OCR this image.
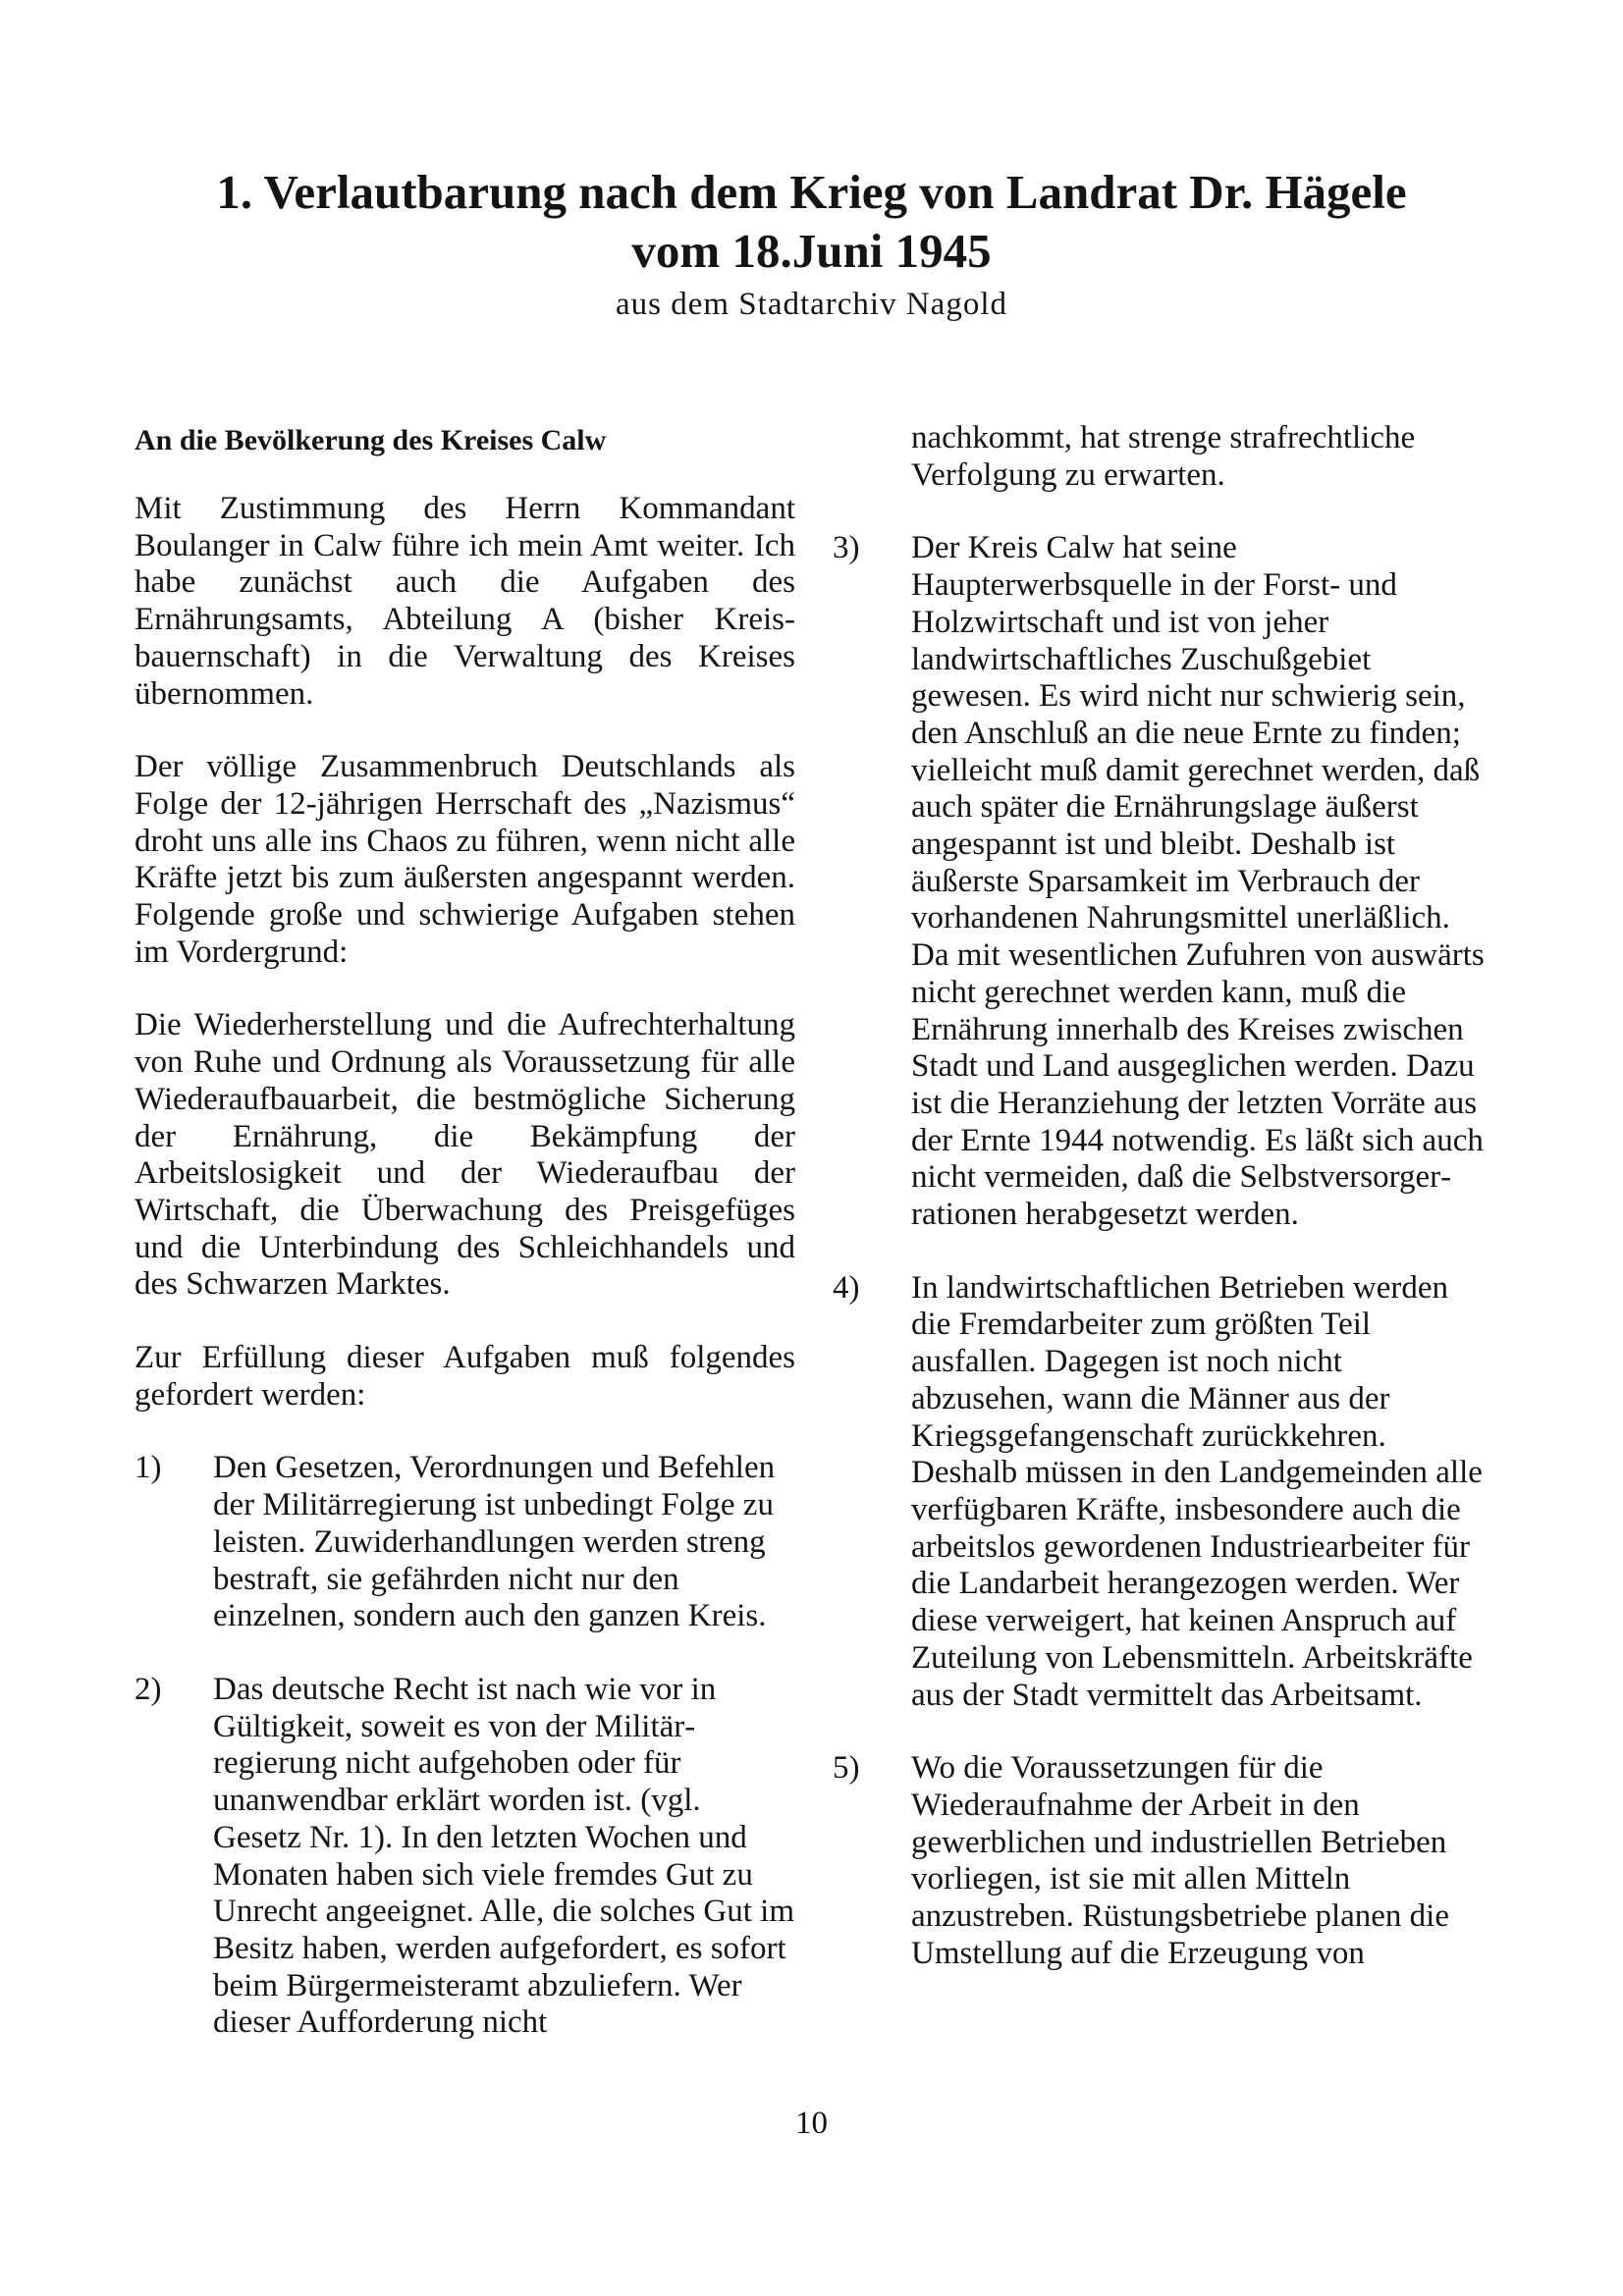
1. Verlautbarung nach dem Krieg von Landrat Dr. Hägele
vom 18.Juni 1945
aus dem Stadtarchiv Nagold
An die Bevölkerung des Kreises Calw

Mit Zustimmung des Herrn Kommandant Boulanger in Calw führe ich mein Amt weiter. Ich habe zunächst auch die Aufgaben des Ernährungsamts, Abteilung A (bisher Kreisbauernschaft) in die Verwaltung des Kreises übernommen.

Der völlige Zusammenbruch Deutschlands als Folge der 12-jährigen Herrschaft des „Nazismus“ droht uns alle ins Chaos zu führen, wenn nicht alle Kräfte jetzt bis zum äußersten angespannt werden. Folgende große und schwierige Aufgaben stehen im Vordergrund:

Die Wiederherstellung und die Aufrechterhaltung von Ruhe und Ordnung als Voraussetzung für alle Wiederaufbauarbeit, die bestmögliche Sicherung der Ernährung, die Bekämpfung der Arbeitslosigkeit und der Wiederaufbau der Wirtschaft, die Überwachung des Preisgefüges und die Unterbindung des Schleichhandels und des Schwarzen Marktes.

Zur Erfüllung dieser Aufgaben muß folgendes gefordert werden:

1) Den Gesetzen, Verordnungen und Befehlen der Militärregierung ist unbedingt Folge zu leisten. Zuwiderhandlungen werden streng bestraft, sie gefährden nicht nur den einzelnen, sondern auch den ganzen Kreis.
2) Das deutsche Recht ist nach wie vor in Gültigkeit, soweit es von der Militärregierung nicht aufgehoben oder für unanwendbar erklärt worden ist. (vgl. Gesetz Nr. 1). In den letzten Wochen und Monaten haben sich viele fremdes Gut zu Unrecht angeeignet. Alle, die solches Gut im Besitz haben, werden aufgefordert, es sofort beim Bürgermeisteramt abzuliefern. Wer dieser Aufforderung nicht
nachkommt, hat strenge strafrechtliche Verfolgung zu erwarten.
3) Der Kreis Calw hat seine Haupterwerbsquelle in der Forst- und Holzwirtschaft und ist von jeher landwirtschaftliches Zuschußgebiet gewesen. Es wird nicht nur schwierig sein, den Anschluß an die neue Ernte zu finden; vielleicht muß damit gerechnet werden, daß auch später die Ernährungslage äußerst angespannt ist und bleibt. Deshalb ist äußerste Sparsamkeit im Verbrauch der vorhandenen Nahrungsmittel unerläßlich. Da mit wesentlichen Zufuhren von auswärts nicht gerechnet werden kann, muß die Ernährung innerhalb des Kreises zwischen Stadt und Land ausgeglichen werden. Dazu ist die Heranziehung der letzten Vorräte aus der Ernte 1944 notwendig. Es läßt sich auch nicht vermeiden, daß die Selbstversorgerrationen herabgesetzt werden.
4) In landwirtschaftlichen Betrieben werden die Fremdarbeiter zum größten Teil ausfallen. Dagegen ist noch nicht abzusehen, wann die Männer aus der Kriegsgefangenschaft zurückkehren. Deshalb müssen in den Landgemeinden alle verfügbaren Kräfte, insbesondere auch die arbeitslos gewordenen Industriearbeiter für die Landarbeit herangezogen werden. Wer diese verweigert, hat keinen Anspruch auf Zuteilung von Lebensmitteln. Arbeitskräfte aus der Stadt vermittelt das Arbeitsamt.
5) Wo die Voraussetzungen für die Wiederaufnahme der Arbeit in den gewerblichen und industriellen Betrieben vorliegen, ist sie mit allen Mitteln anzustreben. Rüstungsbetriebe planen die Umstellung auf die Erzeugung von
10
